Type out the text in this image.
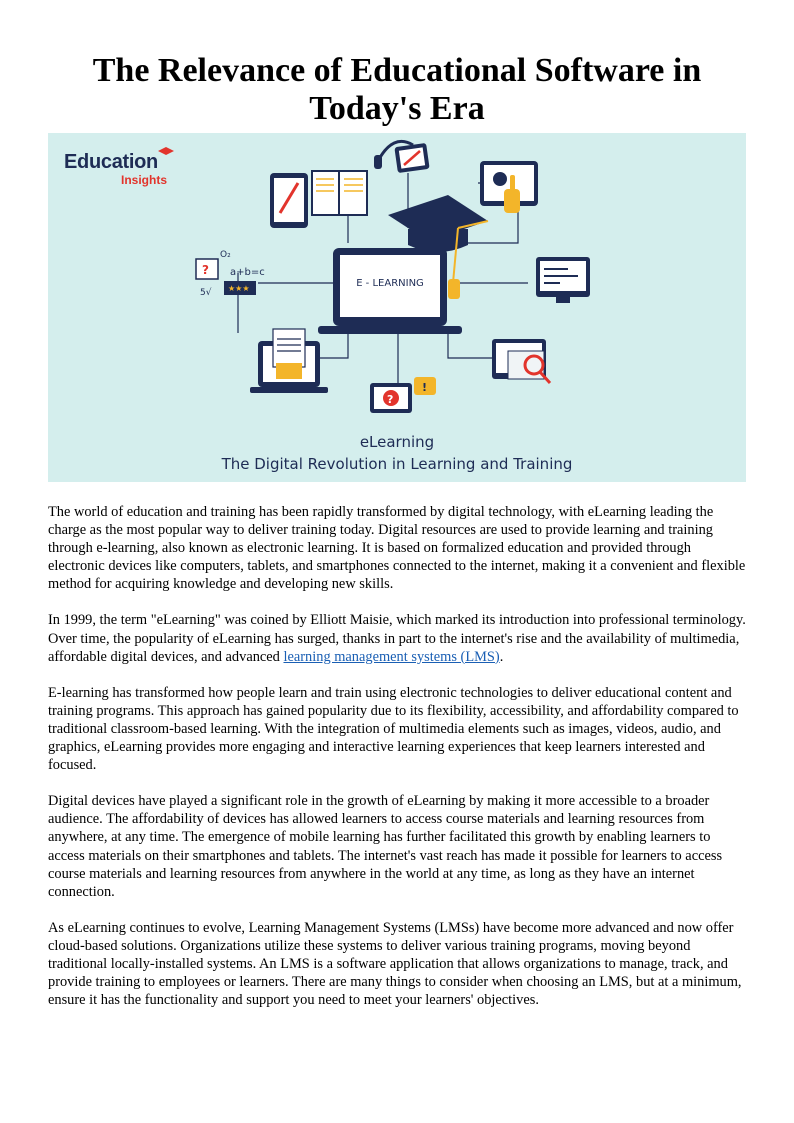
The Relevance of Educational Software in Today's Era
?
O₂
a+b=c
5√ ★★★
?
!
Education
Insights
E - LEARNING
eLearning
The Digital Revolution in Learning and Training

The world of education and training has been rapidly transformed by digital technology, with eLearning leading the charge as the most popular way to deliver training today. Digital resources are used to provide learning and training through e-learning, also known as electronic learning. It is based on formalized education and provided through electronic devices like computers, tablets, and smartphones connected to the internet, making it a convenient and flexible method for acquiring knowledge and developing new skills.

In 1999, the term "eLearning" was coined by Elliott Maisie, which marked its introduction into professional terminology. Over time, the popularity of eLearning has surged, thanks in part to the internet's rise and the availability of multimedia, affordable digital devices, and advanced learning management systems (LMS).

E-learning has transformed how people learn and train using electronic technologies to deliver educational content and training programs. This approach has gained popularity due to its flexibility, accessibility, and affordability compared to traditional classroom-based learning. With the integration of multimedia elements such as images, videos, audio, and graphics, eLearning provides more engaging and interactive learning experiences that keep learners interested and focused.

Digital devices have played a significant role in the growth of eLearning by making it more accessible to a broader audience. The affordability of devices has allowed learners to access course materials and learning resources from anywhere, at any time. The emergence of mobile learning has further facilitated this growth by enabling learners to access materials on their smartphones and tablets. The internet's vast reach has made it possible for learners to access course materials and learning resources from anywhere in the world at any time, as long as they have an internet connection.

As eLearning continues to evolve, Learning Management Systems (LMSs) have become more advanced and now offer cloud-based solutions. Organizations utilize these systems to deliver various training programs, moving beyond traditional locally-installed systems. An LMS is a software application that allows organizations to manage, track, and provide training to employees or learners. There are many things to consider when choosing an LMS, but at a minimum, ensure it has the functionality and support you need to meet your learners' objectives.
